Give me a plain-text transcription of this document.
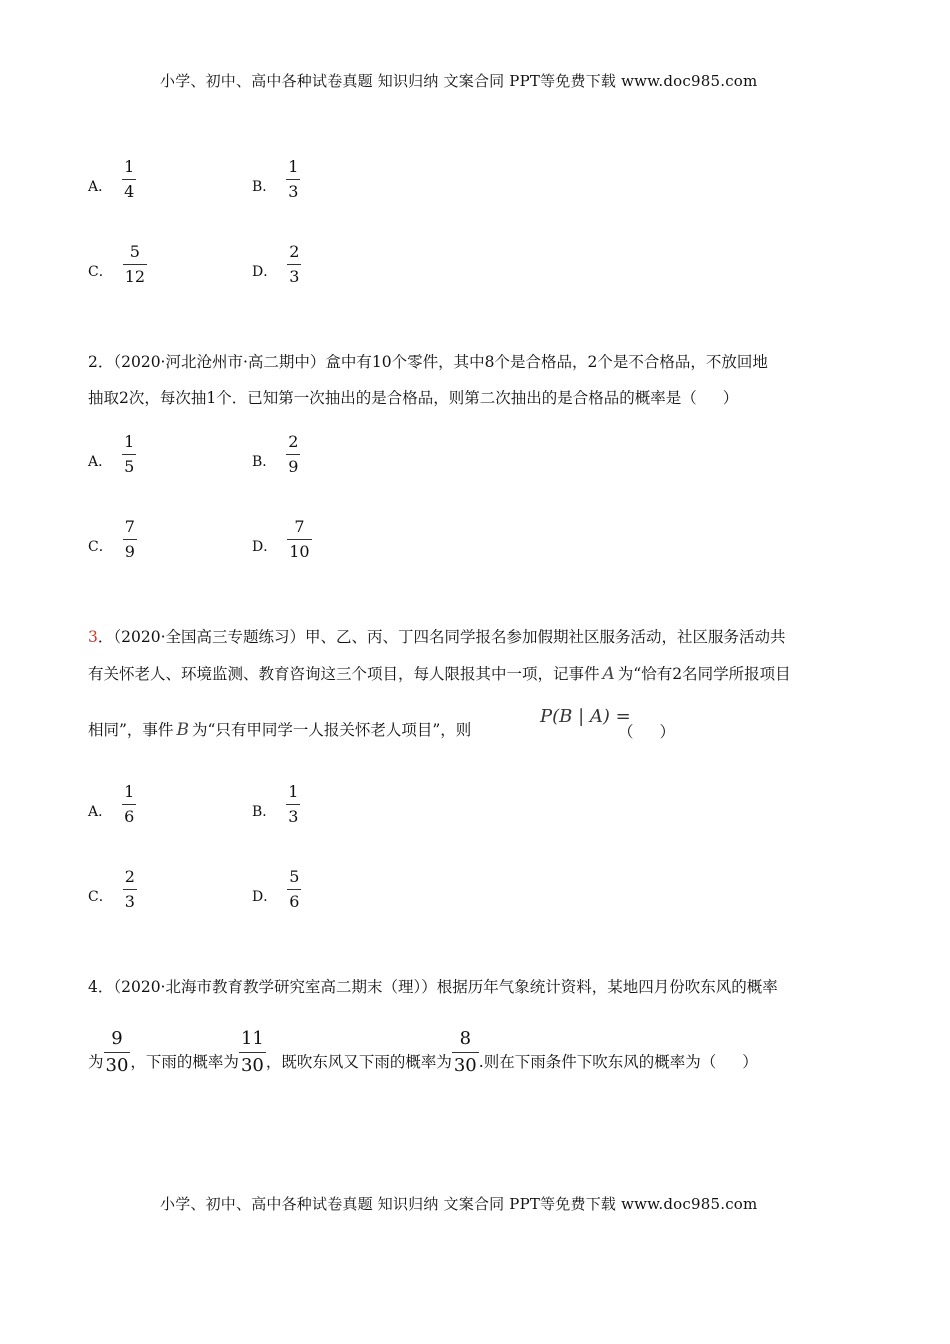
小学、初中、高中各种试卷真题 知识归纳 文案合同 PPT等免费下载 www.doc985.com
A． $\frac{1}{4}$	B． $\frac{1}{3}$
C． $\frac{5}{12}$	D． $\frac{2}{3}$
2．（2020·河北沧州市·高二期中）盒中有10个零件，其中8个是合格品，2个是不合格品，不放回地
抽取2次，每次抽1个．已知第一次抽出的是合格品，则第二次抽出的是合格品的概率是（ ）
A． $\frac{1}{5}$	B． $\frac{2}{9}$
C． $\frac{7}{9}$	D． $\frac{7}{10}$
3．（2020·全国高三专题练习）甲、乙、丙、丁四名同学报名参加假期社区服务活动，社区服务活动共
有关怀老人、环境监测、教育咨询这三个项目，每人限报其中一项，记事件 A 为“恰有2名同学所报项目
相同”，事件 B 为“只有甲同学一人报关怀老人项目”，则
P(B | A) =
（ ）
A． $\frac{1}{6}$	B． $\frac{1}{3}$
C． $\frac{2}{3}$	D． $\frac{5}{6}$
4．（2020·北海市教育教学研究室高二期末（理））根据历年气象统计资料，某地四月份吹东风的概率
为 $\frac{9}{30}$ ，下雨的概率为 $\frac{11}{30}$ ，既吹东风又下雨的概率为 $\frac{8}{30}$ .则在下雨条件下吹东风的概率为（ ）
小学、初中、高中各种试卷真题 知识归纳 文案合同 PPT等免费下载 www.doc985.com
